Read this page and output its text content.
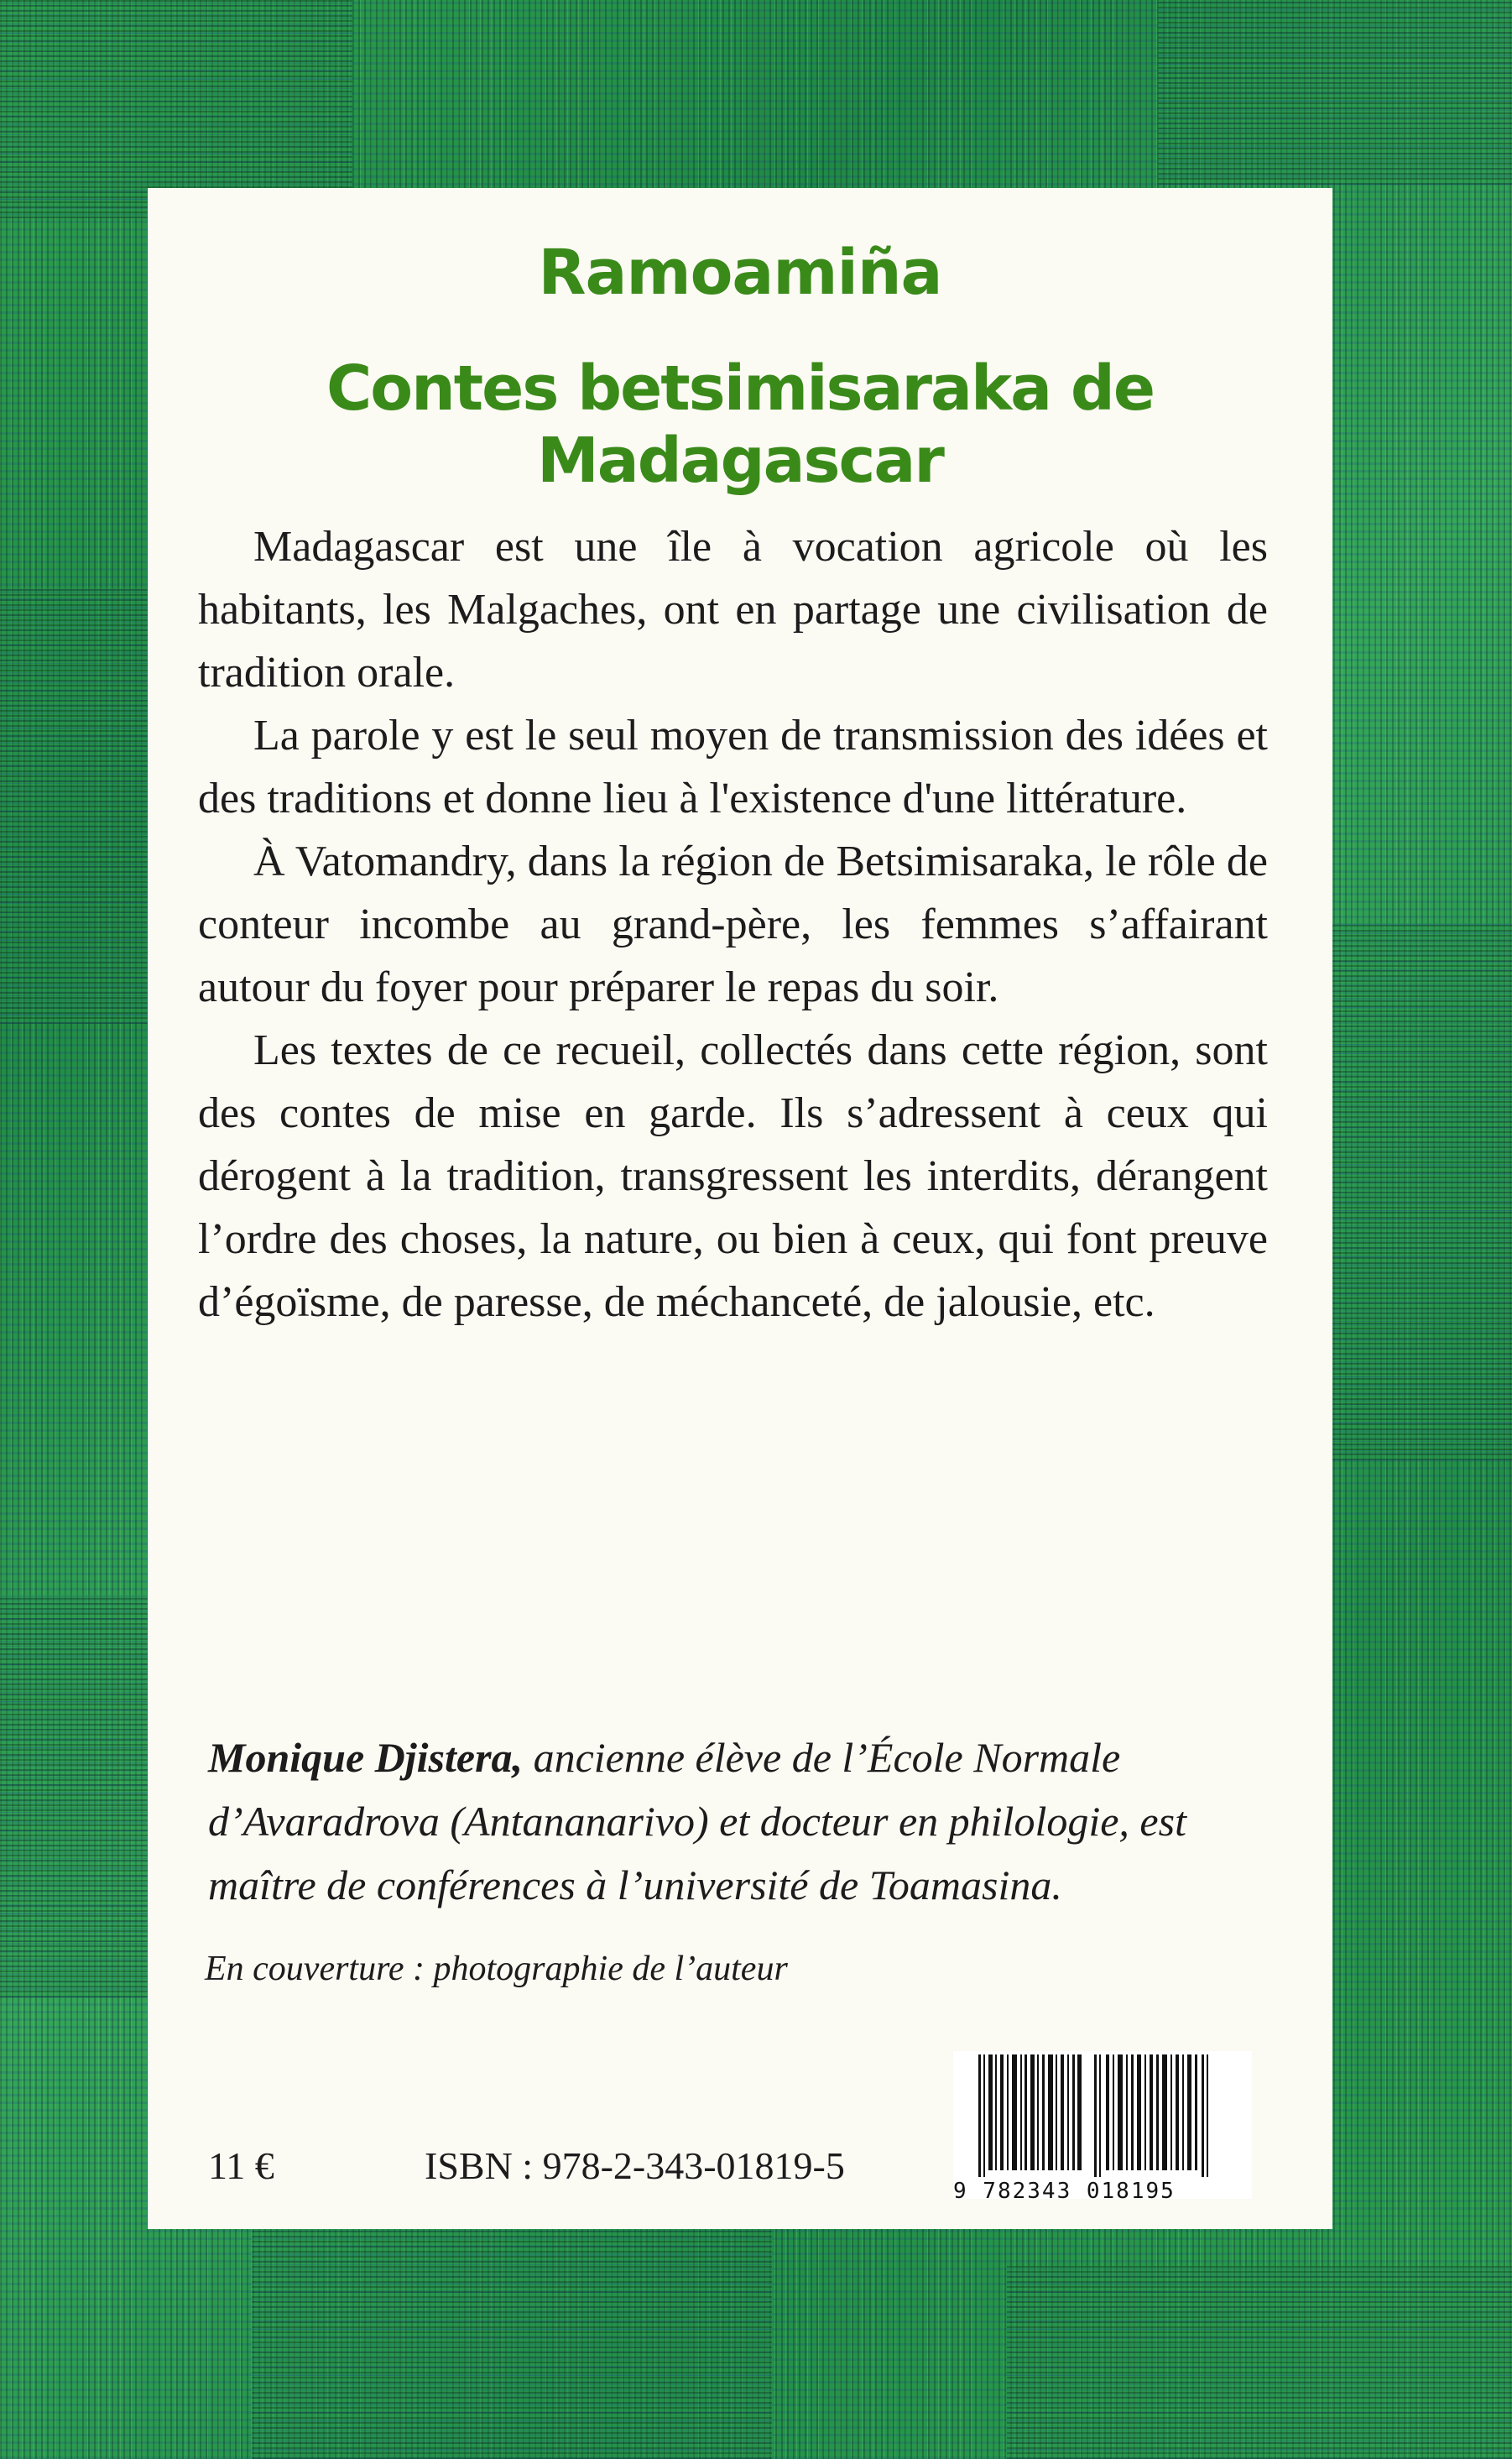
Ramoamiña
Contes betsimisaraka de Madagascar

Madagascar est une île à vocation agricole où les habitants, les Malgaches, ont en partage une civilisation de tradition orale.

La parole y est le seul moyen de transmission des idées et des traditions et donne lieu à l'existence d'une littérature.

À Vatomandry, dans la région de Betsimisaraka, le rôle de conteur incombe au grand-père, les femmes s’affairant autour du foyer pour préparer le repas du soir.

Les textes de ce recueil, collectés dans cette région, sont des contes de mise en garde. Ils s’adressent à ceux qui dérogent à la tradition, transgressent les interdits, dérangent l’ordre des choses, la nature, ou bien à ceux, qui font preuve d’égoïsme, de paresse, de méchanceté, de jalousie, etc.

Monique Djistera, ancienne élève de l’École Normale d’Avaradrova (Antananarivo) et docteur en philologie, est maître de conférences à l’université de Toamasina.
En couverture : photographie de l’auteur
11 €	ISBN : 978-2-343-01819-5
9 782343 018195
